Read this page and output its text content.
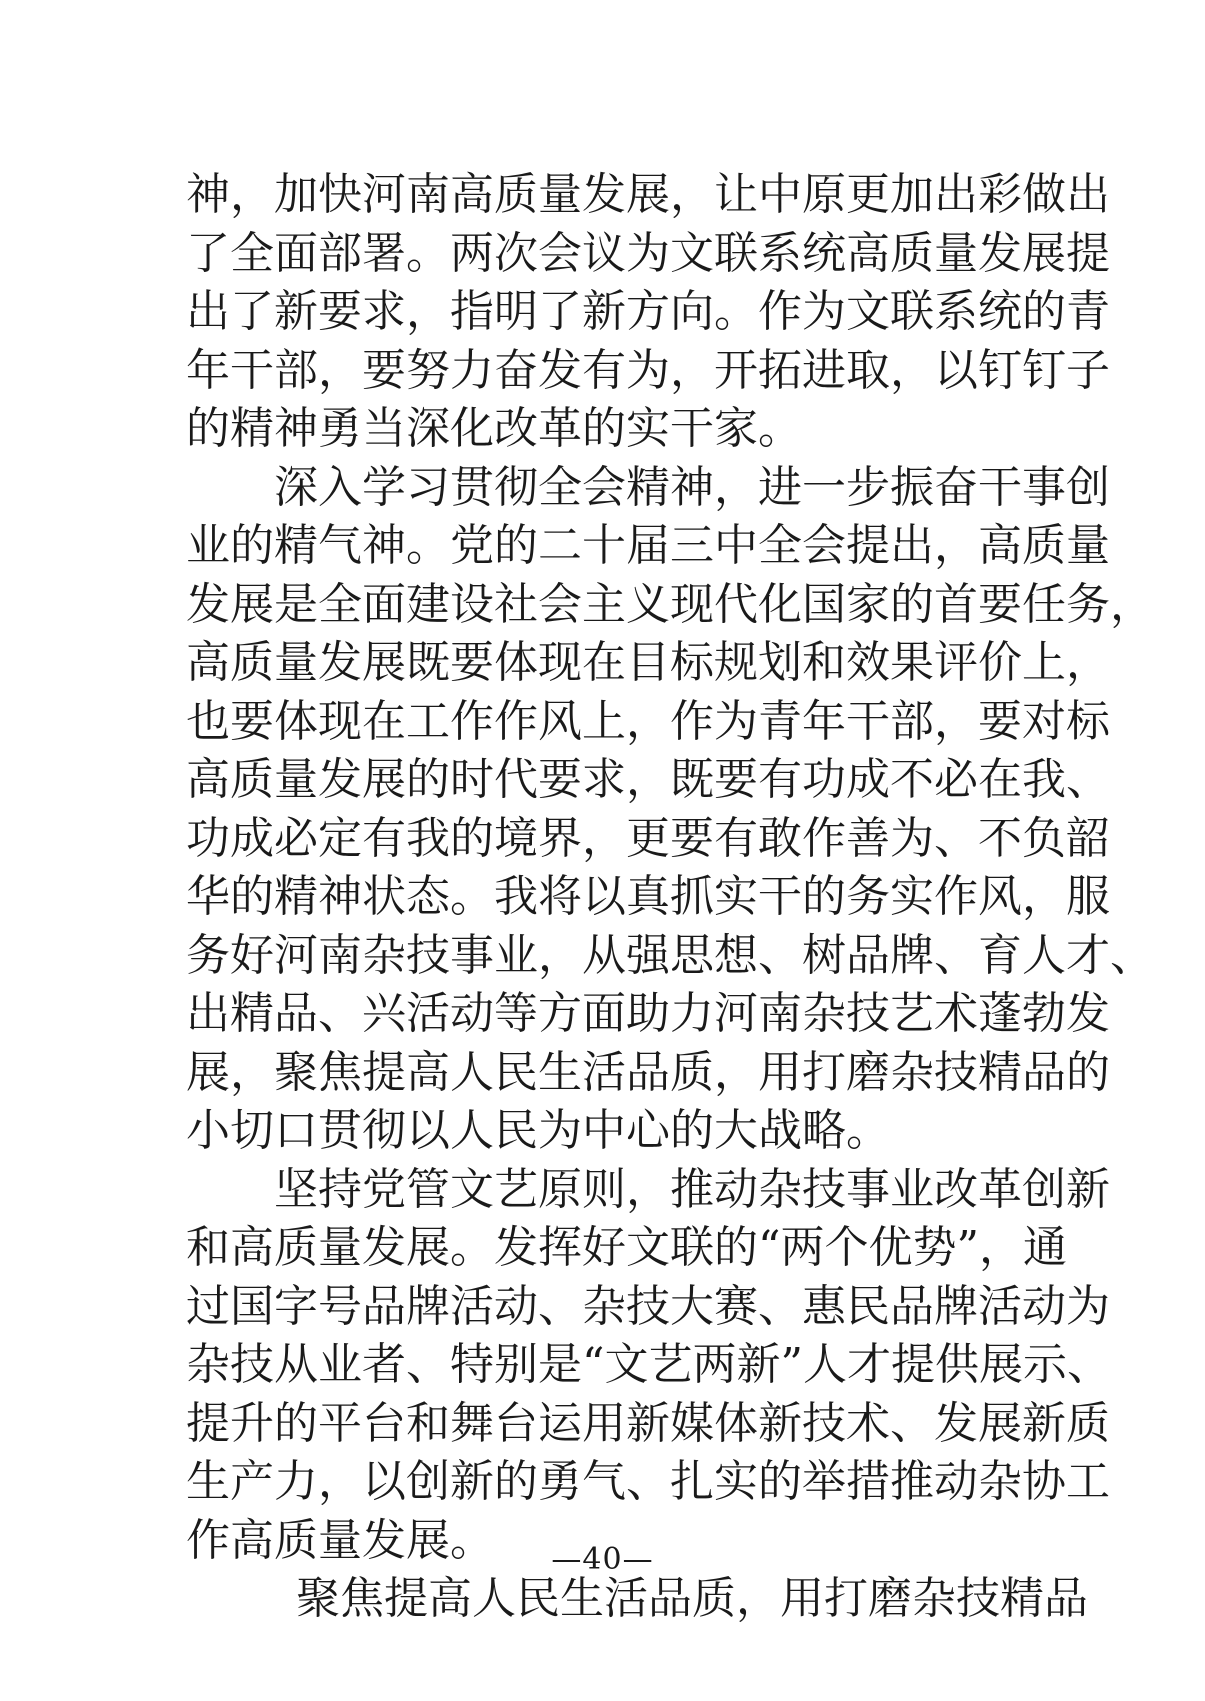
神，加快河南高质量发展，让中原更加出彩做出
了全面部署。两次会议为文联系统高质量发展提
出了新要求，指明了新方向。作为文联系统的青
年干部，要努力奋发有为，开拓进取，以钉钉子
的精神勇当深化改革的实干家。
深入学习贯彻全会精神，进一步振奋干事创
业的精气神。党的二十届三中全会提出，高质量
发展是全面建设社会主义现代化国家的首要任务，
高质量发展既要体现在目标规划和效果评价上，
也要体现在工作作风上，作为青年干部，要对标
高质量发展的时代要求，既要有功成不必在我、
功成必定有我的境界，更要有敢作善为、不负韶
华的精神状态。我将以真抓实干的务实作风，服
务好河南杂技事业，从强思想、树品牌、育人才、
出精品、兴活动等方面助力河南杂技艺术蓬勃发
展，聚焦提高人民生活品质，用打磨杂技精品的
小切口贯彻以人民为中心的大战略。
坚持党管文艺原则，推动杂技事业改革创新
和高质量发展。发挥好文联的“两个优势”，通
过国字号品牌活动、杂技大赛、惠民品牌活动为
杂技从业者、特别是“文艺两新”人才提供展示、
提升的平台和舞台运用新媒体新技术、发展新质
生产力，以创新的勇气、扎实的举措推动杂协工
作高质量发展。
聚焦提高人民生活品质，用打磨杂技精品
—40—
